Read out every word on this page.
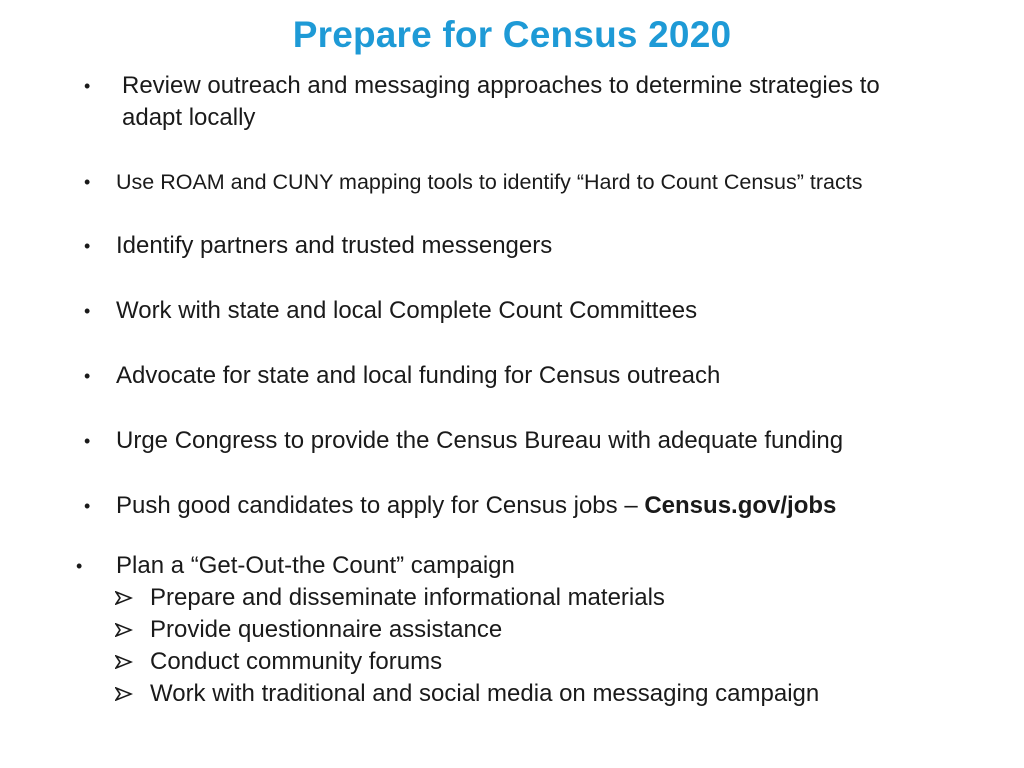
Prepare for Census 2020
• Review outreach and messaging approaches to determine strategies to
adapt locally
• Use ROAM and CUNY mapping tools to identify “Hard to Count Census” tracts
• Identify partners and trusted messengers
• Work with state and local Complete Count Committees
• Advocate for state and local funding for Census outreach
• Urge Congress to provide the Census Bureau with adequate funding
• Push good candidates to apply for Census jobs – Census.gov/jobs
• Plan a “Get-Out-the Count” campaign
Prepare and disseminate informational materials
Provide questionnaire assistance
Conduct community forums
Work with traditional and social media on messaging campaign
